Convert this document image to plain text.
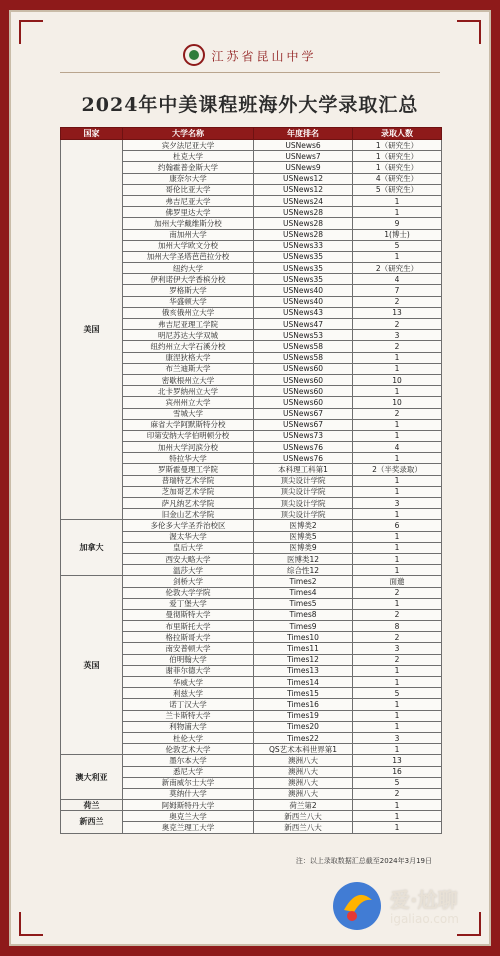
江苏省昆山中学
2024年中美课程班海外大学录取汇总
国家	大学名称	年度排名	录取人数
美国	宾夕法尼亚大学	USNews6	1（研究生）
	杜克大学	USNews7	1（研究生）
	约翰霍普金斯大学	USNews9	1（研究生）
	康奈尔大学	USNews12	4（研究生）
	哥伦比亚大学	USNews12	5（研究生）
	弗吉尼亚大学	USNews24	1
	佛罗里达大学	USNews28	1
	加州大学戴维斯分校	USNews28	9
	南加州大学	USNews28	1(博士)
	加州大学欧文分校	USNews33	5
	加州大学圣塔芭芭拉分校	USNews35	1
	纽约大学	USNews35	2（研究生）
	伊利诺伊大学香槟分校	USNews35	4
	罗格斯大学	USNews40	7
	华盛顿大学	USNews40	2
	俄亥俄州立大学	USNews43	13
	弗吉尼亚理工学院	USNews47	2
	明尼苏达大学双城	USNews53	3
	纽约州立大学石溪分校	USNews58	2
	康涅狄格大学	USNews58	1
	布兰迪斯大学	USNews60	1
	密歇根州立大学	USNews60	10
	北卡罗纳州立大学	USNews60	1
	宾州州立大学	USNews60	10
	雪城大学	USNews67	2
	麻省大学阿默斯特分校	USNews67	1
	印第安纳大学伯明顿分校	USNews73	1
	加州大学河滨分校	USNews76	4
	特拉华大学	USNews76	1
	罗斯霍曼理工学院	本科理工科第1	2（半奖录取）
	普瑞特艺术学院	顶尖设计学院	1
	芝加哥艺术学院	顶尖设计学院	1
	萨凡纳艺术学院	顶尖设计学院	3
	旧金山艺术学院	顶尖设计学院	1
加拿大	多伦多大学圣乔治校区	医博类2	6
	渥太华大学	医博类5	1
	皇后大学	医博类9	1
	西安大略大学	医博类12	1
	温莎大学	综合性12	1
英国	剑桥大学	Times2	面邀
	伦敦大学学院	Times4	2
	爱丁堡大学	Times5	1
	曼彻斯特大学	Times8	2
	布里斯托大学	Times9	8
	格拉斯哥大学	Times10	2
	南安普顿大学	Times11	3
	伯明翰大学	Times12	2
	谢菲尔德大学	Times13	1
	华威大学	Times14	1
	利兹大学	Times15	5
	诺丁汉大学	Times16	1
	兰卡斯特大学	Times19	1
	利物浦大学	Times20	1
	杜伦大学	Times22	3
	伦敦艺术大学	QS艺术本科世界第1	1
澳大利亚	墨尔本大学	澳洲八大	13
	悉尼大学	澳洲八大	16
	新南威尔士大学	澳洲八大	5
	莫纳什大学	澳洲八大	2
荷兰	阿姆斯特丹大学	荷兰第2	1
新西兰	奥克兰大学	新西兰八大	1
	奥克兰理工大学	新西兰八大	1
注：以上录取数据汇总截至2024年3月19日
爱·尬聊
igaliao.com
